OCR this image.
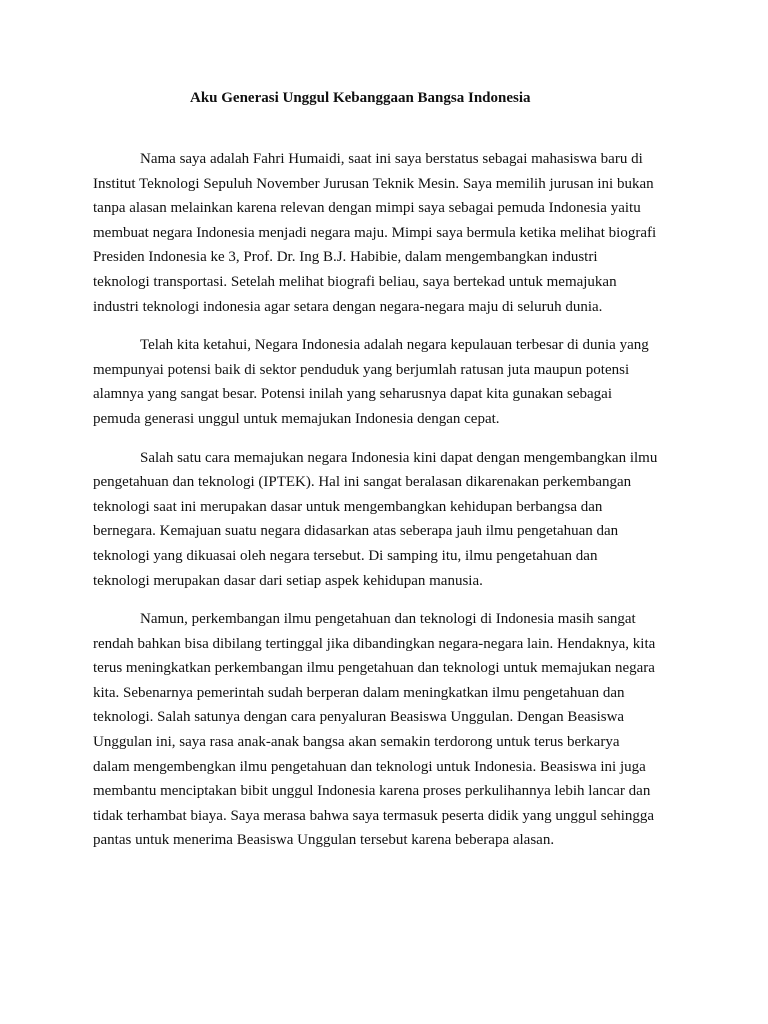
Aku Generasi Unggul Kebanggaan Bangsa Indonesia
Nama saya adalah Fahri Humaidi, saat ini saya berstatus sebagai mahasiswa baru di
Institut Teknologi Sepuluh November Jurusan Teknik Mesin. Saya memilih jurusan ini bukan
tanpa alasan melainkan karena relevan dengan mimpi saya sebagai pemuda Indonesia yaitu
membuat negara Indonesia menjadi negara maju. Mimpi saya bermula ketika melihat biografi
Presiden Indonesia ke 3, Prof. Dr. Ing B.J. Habibie, dalam mengembangkan industri
teknologi transportasi. Setelah melihat biografi beliau, saya bertekad untuk memajukan
industri teknologi indonesia agar setara dengan negara-negara maju di seluruh dunia.
Telah kita ketahui, Negara Indonesia adalah negara kepulauan terbesar di dunia yang
mempunyai potensi baik di sektor penduduk yang berjumlah ratusan juta maupun potensi
alamnya yang sangat besar. Potensi inilah yang seharusnya dapat kita gunakan sebagai
pemuda generasi unggul untuk memajukan Indonesia dengan cepat.
Salah satu cara memajukan negara Indonesia kini dapat dengan mengembangkan ilmu
pengetahuan dan teknologi (IPTEK). Hal ini sangat beralasan dikarenakan perkembangan
teknologi saat ini merupakan dasar untuk mengembangkan kehidupan berbangsa dan
bernegara. Kemajuan suatu negara didasarkan atas seberapa jauh ilmu pengetahuan dan
teknologi yang dikuasai oleh negara tersebut. Di samping itu, ilmu pengetahuan dan
teknologi merupakan dasar dari setiap aspek kehidupan manusia.
Namun, perkembangan ilmu pengetahuan dan teknologi di Indonesia masih sangat
rendah bahkan bisa dibilang tertinggal jika dibandingkan negara-negara lain. Hendaknya, kita
terus meningkatkan perkembangan ilmu pengetahuan dan teknologi untuk memajukan negara
kita. Sebenarnya pemerintah sudah berperan dalam meningkatkan ilmu pengetahuan dan
teknologi. Salah satunya dengan cara penyaluran Beasiswa Unggulan. Dengan Beasiswa
Unggulan ini, saya rasa anak-anak bangsa akan semakin terdorong untuk terus berkarya
dalam mengembengkan ilmu pengetahuan dan teknologi untuk Indonesia. Beasiswa ini juga
membantu menciptakan bibit unggul Indonesia karena proses perkulihannya lebih lancar dan
tidak terhambat biaya. Saya merasa bahwa saya termasuk peserta didik yang unggul sehingga
pantas untuk menerima Beasiswa Unggulan tersebut karena beberapa alasan.
